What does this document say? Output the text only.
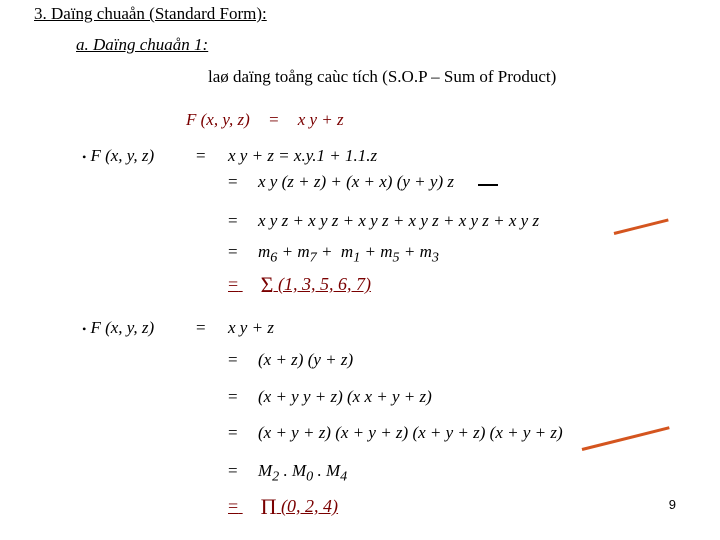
3. Daïng chuaån (Standard Form):
a. Daïng chuaån 1:
laø daïng toång caùc tích (S.O.P – Sum of Product)
F (x, y, z) = x y + z
• F (x, y, z) = x y + z = x.y.1 + 1.1.z
= x y (z + z) + (x + x) (y + y) z
= x y z + x y z + x y z + x y z + x y z + x y z
= $m_6 + m_7 + m_1 + m_5 + m_3$
= Σ (1, 3, 5, 6, 7)
• F (x, y, z) = x y + z
= (x + z) (y + z)
= (x + y y + z) (x x + y + z)
= (x + y + z) (x + y + z) (x + y + z) (x + y + z)
= $M_2$ . $M_0$ . $M_4$
= Π (0, 2, 4)	9
